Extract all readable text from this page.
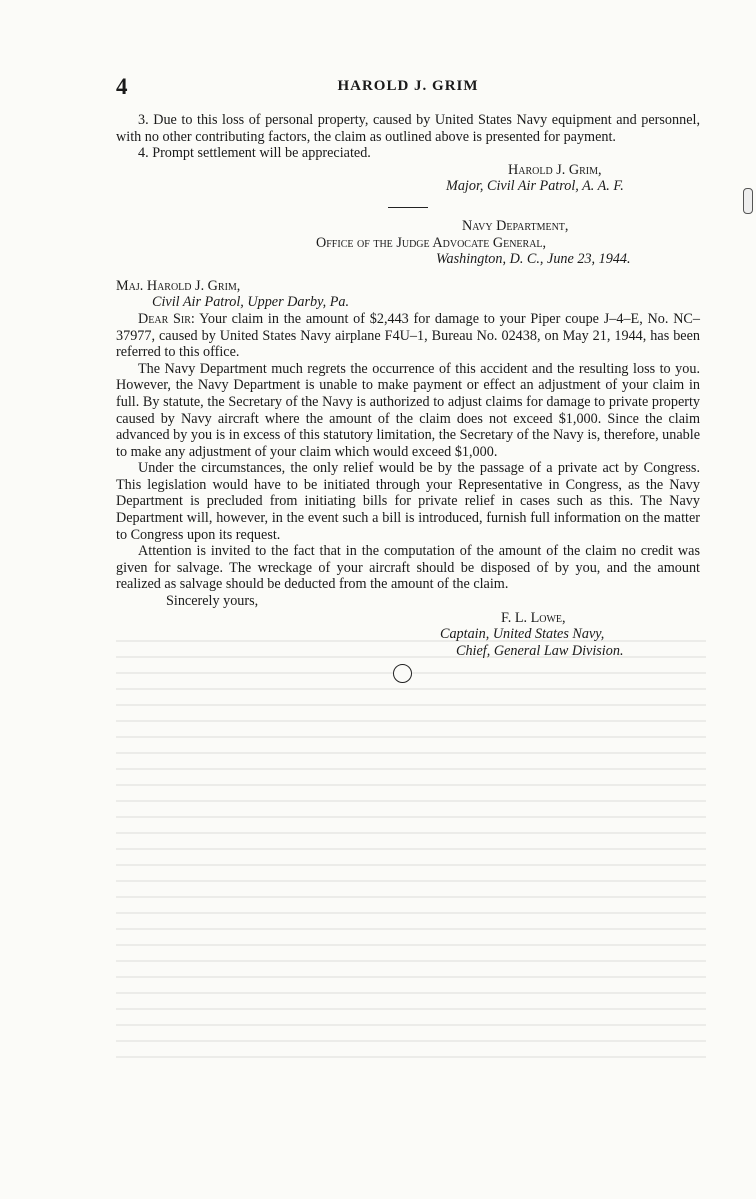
4	HAROLD J. GRIM

3. Due to this loss of personal property, caused by United States Navy equipment and personnel, with no other contributing factors, the claim as outlined above is presented for payment.

4. Prompt settlement will be appreciated.

Harold J. Grim,
Major, Civil Air Patrol, A. A. F.
Navy Department,
Office of the Judge Advocate General,
Washington, D. C., June 23, 1944.
Maj. Harold J. Grim,
Civil Air Patrol, Upper Darby, Pa.

Dear Sir: Your claim in the amount of $2,443 for damage to your Piper coupe J–4–E, No. NC–37977, caused by United States Navy airplane F4U–1, Bureau No. 02438, on May 21, 1944, has been referred to this office.

The Navy Department much regrets the occurrence of this accident and the resulting loss to you. However, the Navy Department is unable to make payment or effect an adjustment of your claim in full. By statute, the Secretary of the Navy is authorized to adjust claims for damage to private property caused by Navy aircraft where the amount of the claim does not exceed $1,000. Since the claim advanced by you is in excess of this statutory limitation, the Secretary of the Navy is, therefore, unable to make any adjustment of your claim which would exceed $1,000.

Under the circumstances, the only relief would be by the passage of a private act by Congress. This legislation would have to be initiated through your Representative in Congress, as the Navy Department is precluded from initiating bills for private relief in cases such as this. The Navy Department will, however, in the event such a bill is introduced, furnish full information on the matter to Congress upon its request.

Attention is invited to the fact that in the computation of the amount of the claim no credit was given for salvage. The wreckage of your aircraft should be disposed of by you, and the amount realized as salvage should be deducted from the amount of the claim.

Sincerely yours,

F. L. Lowe,
Captain, United States Navy,
Chief, General Law Division.
